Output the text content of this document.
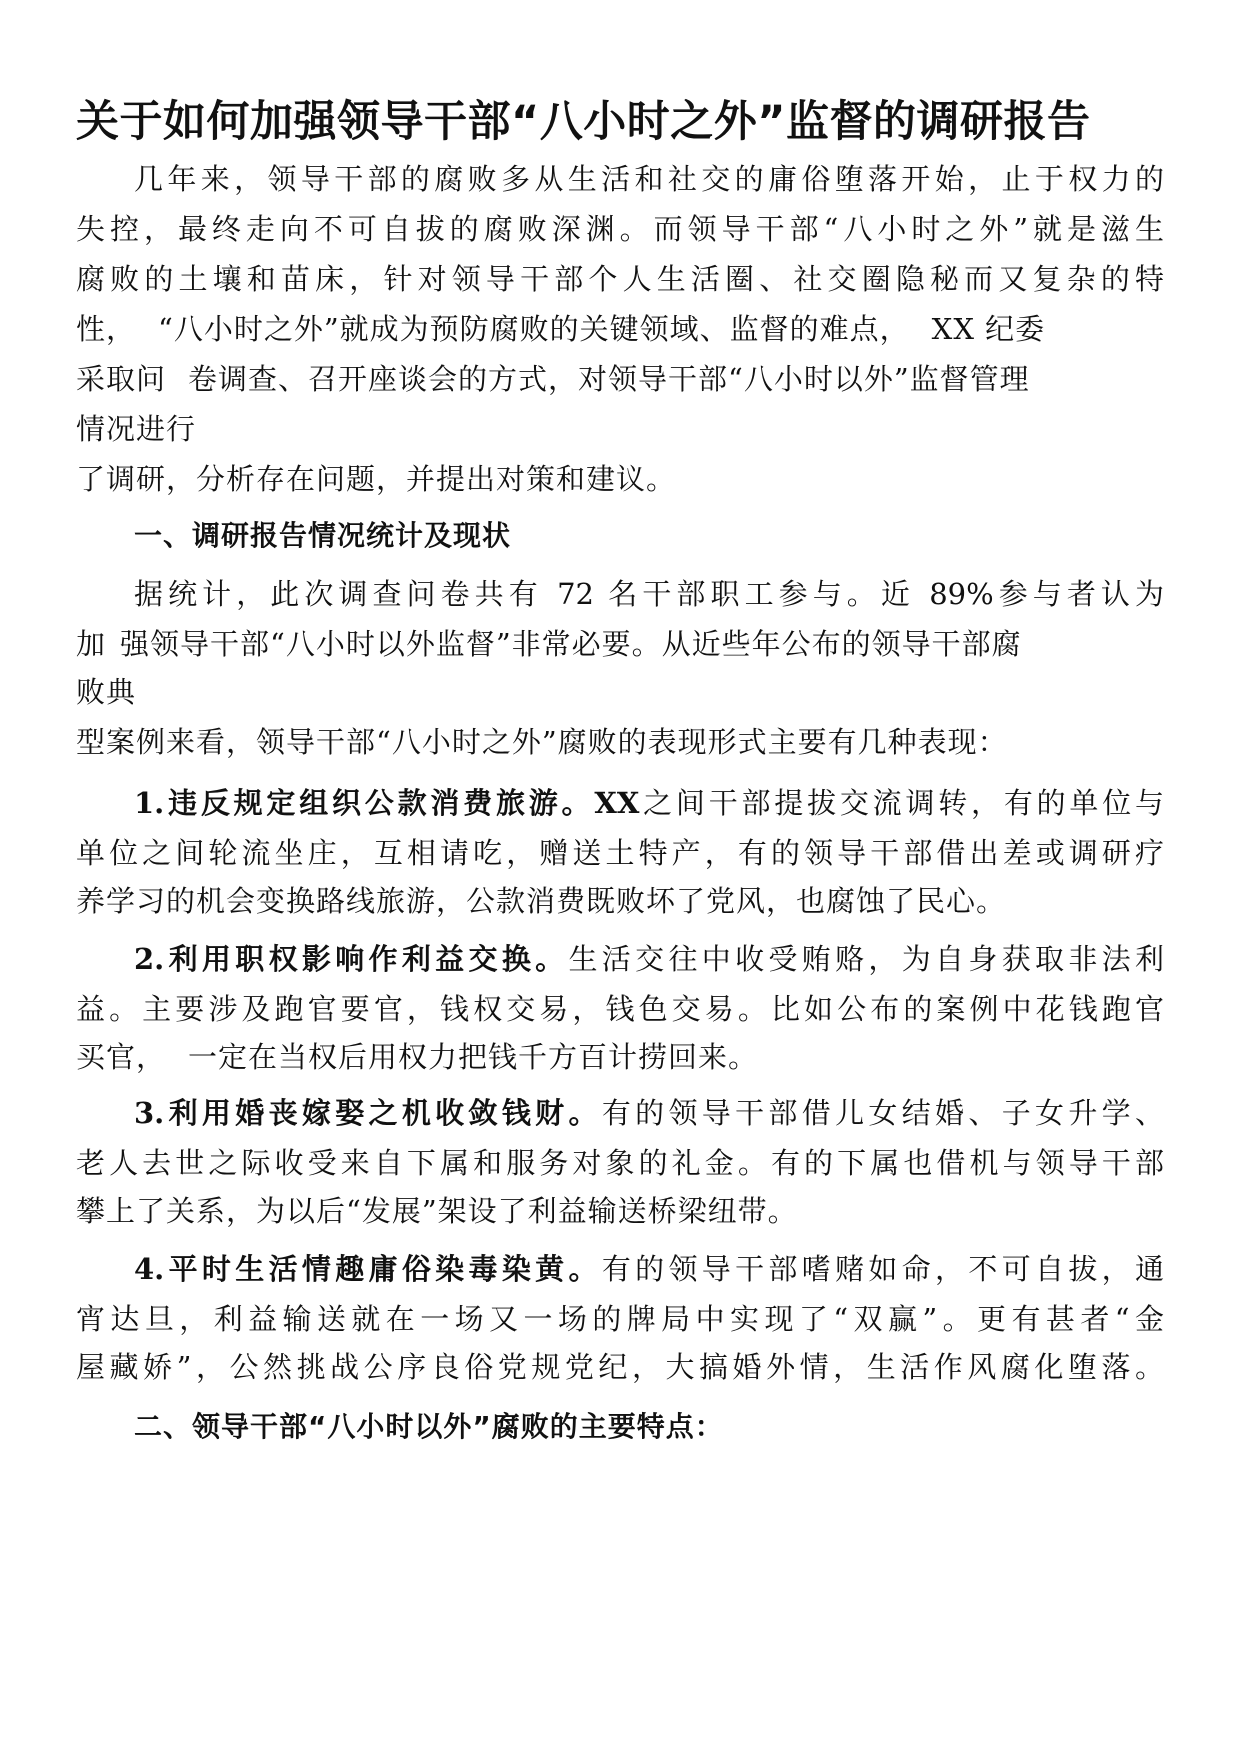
关于如何加强领导干部“八小时之外”监督的调研报告
几年来，领导干部的腐败多从生活和社交的庸俗堕落开始，止于权力的
失控，最终走向不可自拔的腐败深渊。而领导干部“八小时之外”就是滋生
腐败的土壤和苗床，针对领导干部个人生活圈、社交圈隐秘而又复杂的特
性， “八小时之外”就成为预防腐败的关键领域、监督的难点， XX 纪委
采取问 卷调查、召开座谈会的方式，对领导干部“八小时以外”监督管理
情况进行
了调研，分析存在问题，并提出对策和建议。
一、调研报告情况统计及现状
据统计，此次调查问卷共有 72 名干部职工参与。近 89%参与者认为
加 强领导干部“八小时以外监督”非常必要。从近些年公布的领导干部腐
败典
型案例来看，领导干部“八小时之外”腐败的表现形式主要有几种表现：
1.违反规定组织公款消费旅游。XX之间干部提拔交流调转，有的单位与
单位之间轮流坐庄，互相请吃，赠送土特产，有的领导干部借出差或调研疗
养学习的机会变换路线旅游，公款消费既败坏了党风，也腐蚀了民心。
2.利用职权影响作利益交换。生活交往中收受贿赂，为自身获取非法利
益。主要涉及跑官要官，钱权交易，钱色交易。比如公布的案例中花钱跑官
买官， 一定在当权后用权力把钱千方百计捞回来。
3.利用婚丧嫁娶之机收敛钱财。有的领导干部借儿女结婚、子女升学、
老人去世之际收受来自下属和服务对象的礼金。有的下属也借机与领导干部
攀上了关系，为以后“发展”架设了利益输送桥梁纽带。
4.平时生活情趣庸俗染毒染黄。有的领导干部嗜赌如命，不可自拔，通
宵达旦，利益输送就在一场又一场的牌局中实现了“双赢”。更有甚者“金
屋藏娇”，公然挑战公序良俗党规党纪，大搞婚外情，生活作风腐化堕落。
二、领导干部“八小时以外”腐败的主要特点：
